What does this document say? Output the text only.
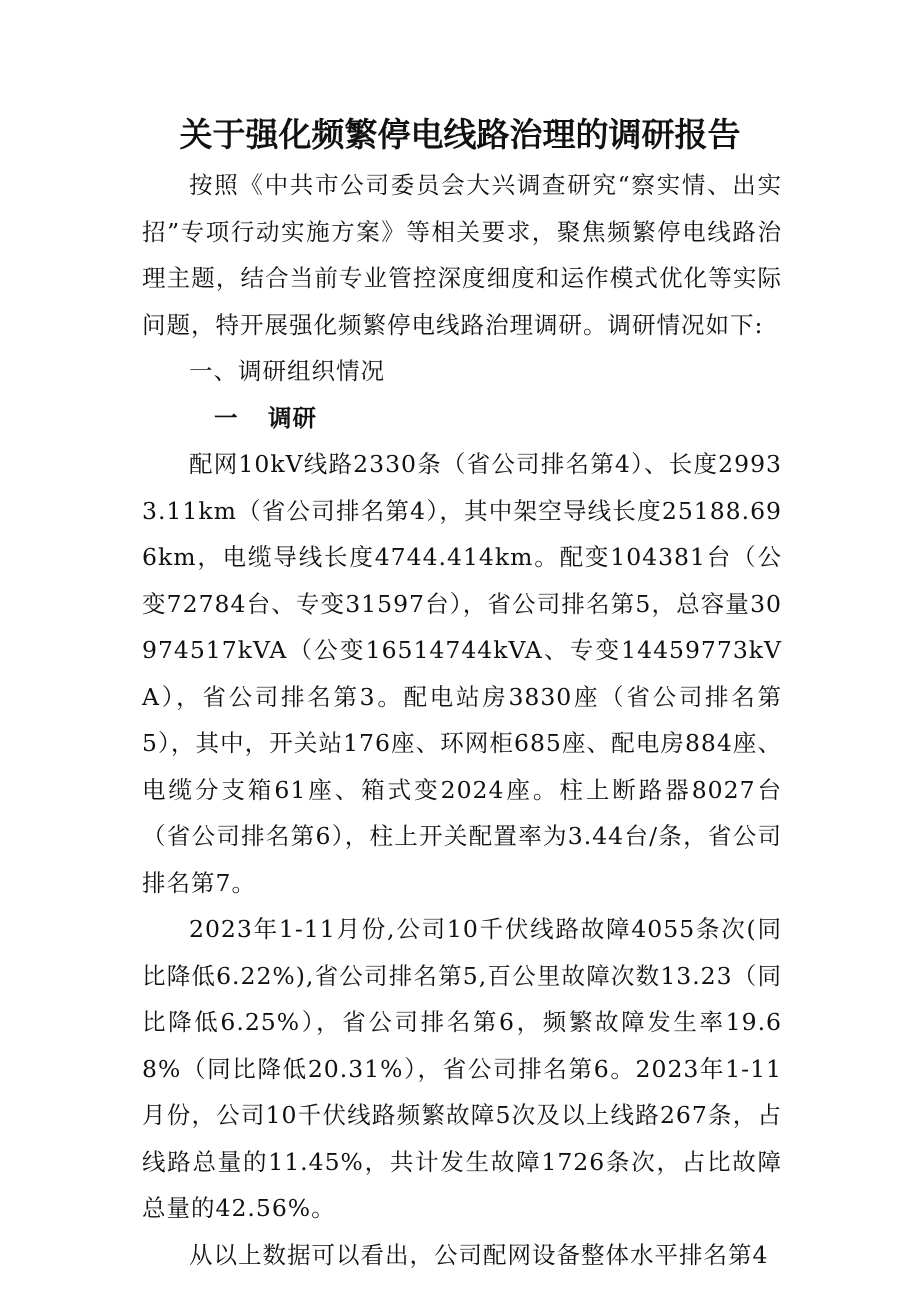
关于强化频繁停电线路治理的调研报告

按照《中共市公司委员会大兴调查研究“察实情、出实招”专项行动实施方案》等相关要求，聚焦频繁停电线路治理主题，结合当前专业管控深度细度和运作模式优化等实际问题，特开展强化频繁停电线路治理调研。调研情况如下:

一、调研组织情况

一 调研

配网10kV线路2330条（省公司排名第4）、长度29933.11km（省公司排名第4），其中架空导线长度25188.696km，电缆导线长度4744.414km。配变104381台（公变72784台、专变31597台），省公司排名第5，总容量30974517kVA（公变16514744kVA、专变14459773kVA），省公司排名第3。配电站房3830座（省公司排名第5），其中，开关站176座、环网柜685座、配电房884座、电缆分支箱61座、箱式变2024座。柱上断路器8027台（省公司排名第6），柱上开关配置率为3.44台/条，省公司排名第7。

2023年1-11月份,公司10千伏线路故障4055条次(同比降低6.22%),省公司排名第5,百公里故障次数13.23（同比降低6.25%），省公司排名第6，频繁故障发生率19.68%（同比降低20.31%），省公司排名第6。2023年1-11月份，公司10千伏线路频繁故障5次及以上线路267条，占线路总量的11.45%，共计发生故障1726条次，占比故障总量的42.56%。

从以上数据可以看出，公司配网设备整体水平排名第4
